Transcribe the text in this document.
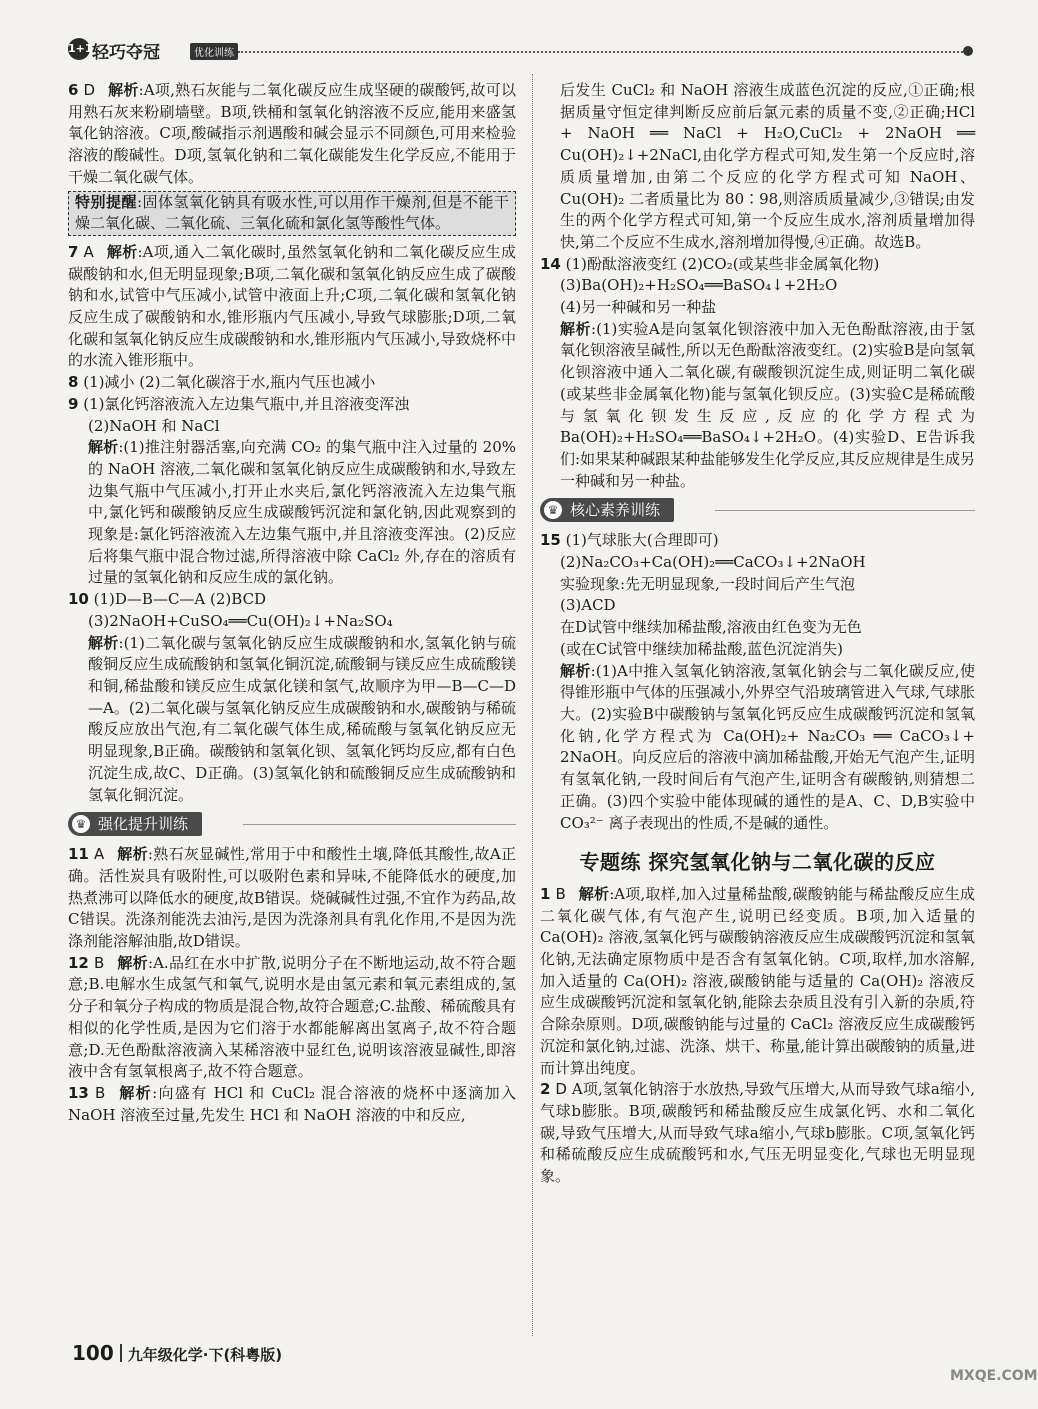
1+1 轻巧夺冠	优化训练

6 D 解析:A项,熟石灰能与二氧化碳反应生成坚硬的碳酸钙,故可以用熟石灰来粉刷墙壁。B项,铁桶和氢氧化钠溶液不反应,能用来盛氢氧化钠溶液。C项,酸碱指示剂遇酸和碱会显示不同颜色,可用来检验溶液的酸碱性。D项,氢氧化钠和二氧化碳能发生化学反应,不能用于干燥二氧化碳气体。

特别提醒:固体氢氧化钠具有吸水性,可以用作干燥剂,但是不能干燥二氧化碳、二氧化硫、三氧化硫和氯化氢等酸性气体。

7 A 解析:A项,通入二氧化碳时,虽然氢氧化钠和二氧化碳反应生成碳酸钠和水,但无明显现象;B项,二氧化碳和氢氧化钠反应生成了碳酸钠和水,试管中气压减小,试管中液面上升;C项,二氧化碳和氢氧化钠反应生成了碳酸钠和水,锥形瓶内气压减小,导致气球膨胀;D项,二氧化碳和氢氧化钠反应生成碳酸钠和水,锥形瓶内气压减小,导致烧杯中的水流入锥形瓶中。

8 (1)减小 (2)二氧化碳溶于水,瓶内气压也减小

9 (1)氯化钙溶液流入左边集气瓶中,并且溶液变浑浊

(2)NaOH 和 NaCl

解析:(1)推注射器活塞,向充满 CO₂ 的集气瓶中注入过量的 20% 的 NaOH 溶液,二氧化碳和氢氧化钠反应生成碳酸钠和水,导致左边集气瓶中气压减小,打开止水夹后,氯化钙溶液流入左边集气瓶中,氯化钙和碳酸钠反应生成碳酸钙沉淀和氯化钠,因此观察到的现象是:氯化钙溶液流入左边集气瓶中,并且溶液变浑浊。(2)反应后将集气瓶中混合物过滤,所得溶液中除 CaCl₂ 外,存在的溶质有过量的氢氧化钠和反应生成的氯化钠。

10 (1)D—B—C—A (2)BCD

(3)2NaOH+CuSO₄══Cu(OH)₂↓+Na₂SO₄

解析:(1)二氧化碳与氢氧化钠反应生成碳酸钠和水,氢氧化钠与硫酸铜反应生成硫酸钠和氢氧化铜沉淀,硫酸铜与镁反应生成硫酸镁和铜,稀盐酸和镁反应生成氯化镁和氢气,故顺序为甲—B—C—D—A。(2)二氧化碳与氢氧化钠反应生成碳酸钠和水,碳酸钠与稀硫酸反应放出气泡,有二氧化碳气体生成,稀硫酸与氢氧化钠反应无明显现象,B正确。碳酸钠和氢氧化钡、氢氧化钙均反应,都有白色沉淀生成,故C、D正确。(3)氢氧化钠和硫酸铜反应生成硫酸钠和氢氧化铜沉淀。

♛ 强化提升训练

11 A 解析:熟石灰显碱性,常用于中和酸性土壤,降低其酸性,故A正确。活性炭具有吸附性,可以吸附色素和异味,不能降低水的硬度,加热煮沸可以降低水的硬度,故B错误。烧碱碱性过强,不宜作为药品,故C错误。洗涤剂能洗去油污,是因为洗涤剂具有乳化作用,不是因为洗涤剂能溶解油脂,故D错误。

12 B 解析:A.品红在水中扩散,说明分子在不断地运动,故不符合题意;B.电解水生成氢气和氧气,说明水是由氢元素和氧元素组成的,氢分子和氧分子构成的物质是混合物,故符合题意;C.盐酸、稀硫酸具有相似的化学性质,是因为它们溶于水都能解离出氢离子,故不符合题意;D.无色酚酞溶液滴入某稀溶液中显红色,说明该溶液显碱性,即溶液中含有氢氧根离子,故不符合题意。

13 B 解析:向盛有 HCl 和 CuCl₂ 混合溶液的烧杯中逐滴加入 NaOH 溶液至过量,先发生 HCl 和 NaOH 溶液的中和反应,

后发生 CuCl₂ 和 NaOH 溶液生成蓝色沉淀的反应,①正确;根据质量守恒定律判断反应前后氯元素的质量不变,②正确;HCl + NaOH ══ NaCl + H₂O,CuCl₂ + 2NaOH ══ Cu(OH)₂↓+2NaCl,由化学方程式可知,发生第一个反应时,溶质质量增加,由第二个反应的化学方程式可知 NaOH、Cu(OH)₂ 二者质量比为 80∶98,则溶质质量减少,③错误;由发生的两个化学方程式可知,第一个反应生成水,溶剂质量增加得快,第二个反应不生成水,溶剂增加得慢,④正确。故选B。

14 (1)酚酞溶液变红 (2)CO₂(或某些非金属氧化物)

(3)Ba(OH)₂+H₂SO₄══BaSO₄↓+2H₂O

(4)另一种碱和另一种盐

解析:(1)实验A是向氢氧化钡溶液中加入无色酚酞溶液,由于氢氧化钡溶液呈碱性,所以无色酚酞溶液变红。(2)实验B是向氢氧化钡溶液中通入二氧化碳,有碳酸钡沉淀生成,则证明二氧化碳(或某些非金属氧化物)能与氢氧化钡反应。(3)实验C是稀硫酸与氢氧化钡发生反应,反应的化学方程式为Ba(OH)₂+H₂SO₄══BaSO₄↓+2H₂O。(4)实验D、E告诉我们:如果某种碱跟某种盐能够发生化学反应,其反应规律是生成另一种碱和另一种盐。

♛ 核心素养训练

15 (1)气球胀大(合理即可)

(2)Na₂CO₃+Ca(OH)₂══CaCO₃↓+2NaOH

实验现象:先无明显现象,一段时间后产生气泡

(3)ACD

在D试管中继续加稀盐酸,溶液由红色变为无色

(或在C试管中继续加稀盐酸,蓝色沉淀消失)

解析:(1)A中推入氢氧化钠溶液,氢氧化钠会与二氧化碳反应,使得锥形瓶中气体的压强减小,外界空气沿玻璃管进入气球,气球胀大。(2)实验B中碳酸钠与氢氧化钙反应生成碳酸钙沉淀和氢氧化钠,化学方程式为 Ca(OH)₂+ Na₂CO₃ ══ CaCO₃↓+ 2NaOH。向反应后的溶液中滴加稀盐酸,开始无气泡产生,证明有氢氧化钠,一段时间后有气泡产生,证明含有碳酸钠,则猜想二正确。(3)四个实验中能体现碱的通性的是A、C、D,B实验中 CO₃²⁻ 离子表现出的性质,不是碱的通性。

专题练 探究氢氧化钠与二氧化碳的反应

1 B 解析:A项,取样,加入过量稀盐酸,碳酸钠能与稀盐酸反应生成二氧化碳气体,有气泡产生,说明已经变质。B项,加入适量的 Ca(OH)₂ 溶液,氢氧化钙与碳酸钠溶液反应生成碳酸钙沉淀和氢氧化钠,无法确定原物质中是否含有氢氧化钠。C项,取样,加水溶解,加入适量的 Ca(OH)₂ 溶液,碳酸钠能与适量的 Ca(OH)₂ 溶液反应生成碳酸钙沉淀和氢氧化钠,能除去杂质且没有引入新的杂质,符合除杂原则。D项,碳酸钠能与过量的 CaCl₂ 溶液反应生成碳酸钙沉淀和氯化钠,过滤、洗涤、烘干、称量,能计算出碳酸钠的质量,进而计算出纯度。

2 D A项,氢氧化钠溶于水放热,导致气压增大,从而导致气球a缩小,气球b膨胀。B项,碳酸钙和稀盐酸反应生成氯化钙、水和二氧化碳,导致气压增大,从而导致气球a缩小,气球b膨胀。C项,氢氧化钙和稀硫酸反应生成硫酸钙和水,气压无明显变化,气球也无明显现象。

100 九年级化学·下(科粤版)
MXQE.COM
